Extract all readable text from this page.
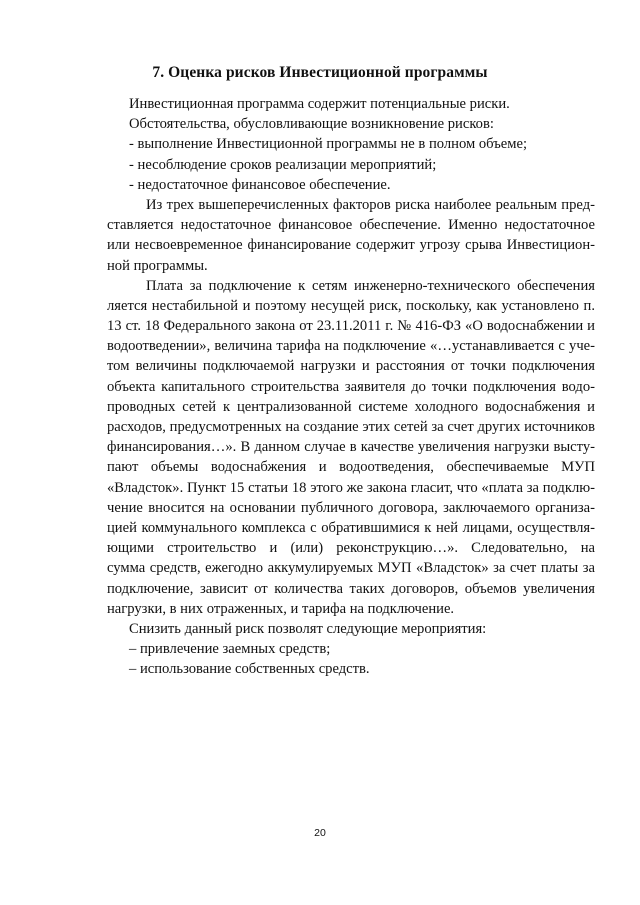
7. Оценка рисков Инвестиционной программы
Инвестиционная программа содержит потенциальные риски.
Обстоятельства, обусловливающие возникновение рисков:
- выполнение Инвестиционной программы не в полном объеме;
- несоблюдение сроков реализации мероприятий;
- недостаточное финансовое обеспечение.
Из трех вышеперечисленных факторов риска наиболее реальным пред-
ставляется недостаточное финансовое обеспечение. Именно недостаточное
или несвоевременное финансирование содержит угрозу срыва Инвестицион-
ной программы.
Плата за подключение к сетям инженерно-технического обеспечения
ляется нестабильной и поэтому несущей риск, поскольку, как установлено п.
13 ст. 18 Федерального закона от 23.11.2011 г. № 416-ФЗ «О водоснабжении и
водоотведении», величина тарифа на подключение «…устанавливается с уче-
том величины подключаемой нагрузки и расстояния от точки подключения
объекта капитального строительства заявителя до точки подключения водо-
проводных сетей к централизованной системе холодного водоснабжения и
расходов, предусмотренных на создание этих сетей за счет других источников
финансирования…». В данном случае в качестве увеличения нагрузки высту-
пают объемы водоснабжения и водоотведения, обеспечиваемые МУП
«Владсток». Пункт 15 статьи 18 этого же закона гласит, что «плата за подклю-
чение вносится на основании публичного договора, заключаемого организа-
цией коммунального комплекса с обратившимися к ней лицами, осуществля-
ющими строительство и (или) реконструкцию…». Следовательно, на
сумма средств, ежегодно аккумулируемых МУП «Владсток» за счет платы за
подключение, зависит от количества таких договоров, объемов увеличения
нагрузки, в них отраженных, и тарифа на подключение.
Снизить данный риск позволят следующие мероприятия:
– привлечение заемных средств;
– использование собственных средств.
20
